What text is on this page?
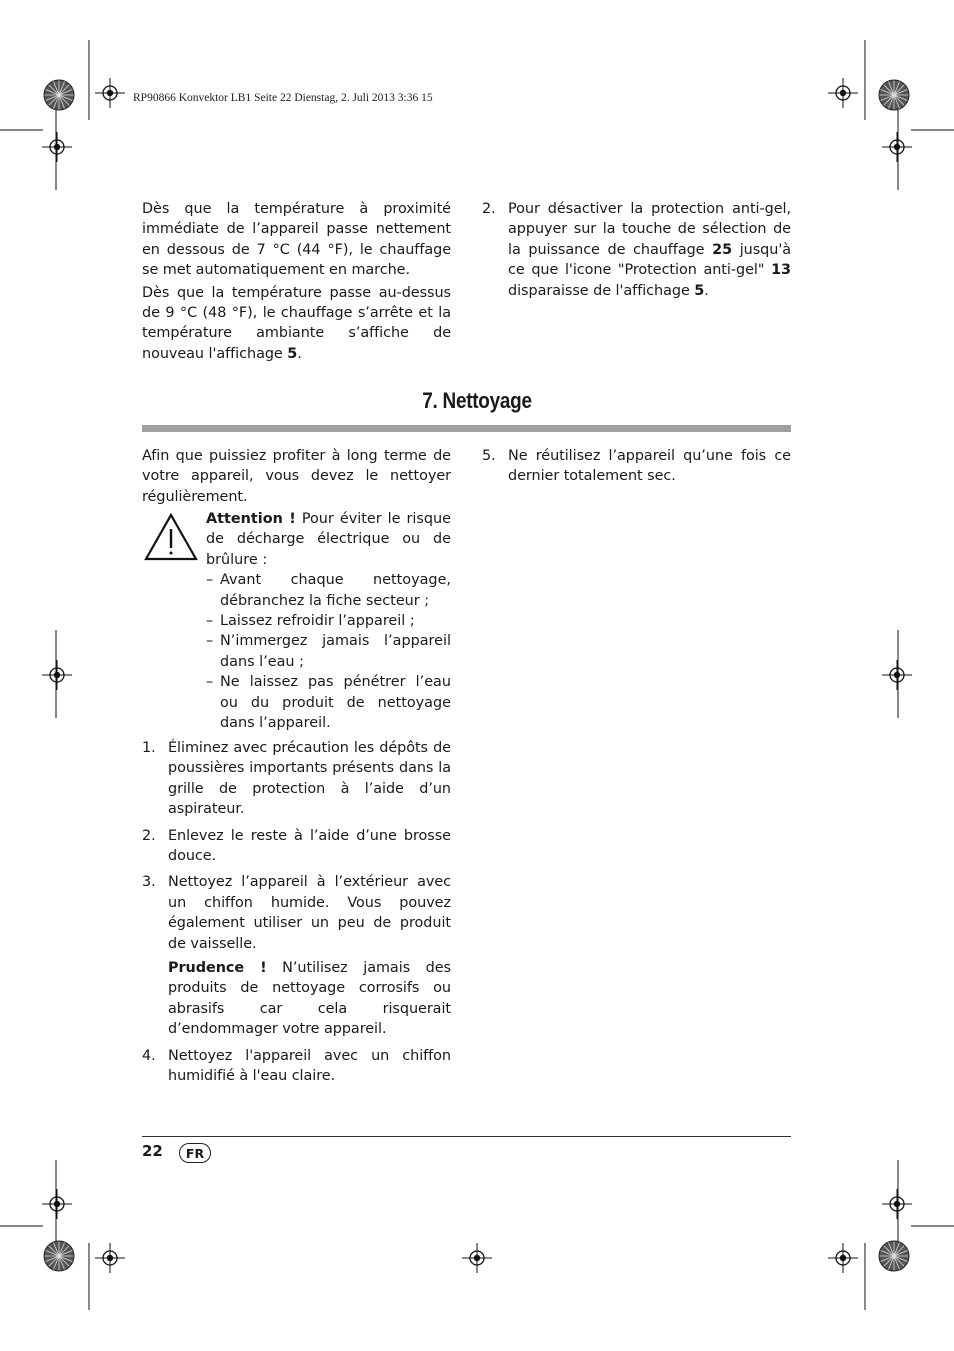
RP90866 Konvektor LB1 Seite 22 Dienstag, 2. Juli 2013 3:36 15

Dès que la température à proximité immédiate de l’appareil passe nettement en dessous de 7 °C (44 °F), le chauffage se met automatiquement en marche.

Dès que la température passe au-dessus de 9 °C (48 °F), le chauffage s’arrête et la température ambiante s’affiche de nouveau l'affichage 5.

2. Pour désactiver la protection anti-gel, appuyer sur la touche de sélection de la puissance de chauffage 25 jusqu'à ce que l'icone "Protection anti-gel" 13 disparaisse de l'affichage 5.
7. Nettoyage

Afin que puissiez profiter à long terme de votre appareil, vous devez le nettoyer régulièrement.

Attention ! Pour éviter le risque de décharge électrique ou de brûlure :
– Avant chaque nettoyage, débranchez la fiche secteur ;
– Laissez refroidir l’appareil ;
– N’immergez jamais l’appareil dans l’eau ;
– Ne laissez pas pénétrer l’eau ou du produit de nettoyage dans l’appareil.
1. Éliminez avec précaution les dépôts de poussières importants présents dans la grille de protection à l’aide d’un aspirateur.
2. Enlevez le reste à l’aide d’une brosse douce.
3. Nettoyez l’appareil à l’extérieur avec un chiffon humide. Vous pouvez également utiliser un peu de produit de vaisselle.
Prudence ! N’utilisez jamais des produits de nettoyage corrosifs ou abrasifs car cela risquerait d’endommager votre appareil.
4. Nettoyez l'appareil avec un chiffon humidifié à l'eau claire.
5. Ne réutilisez l’appareil qu’une fois ce dernier totalement sec.
22	FR
